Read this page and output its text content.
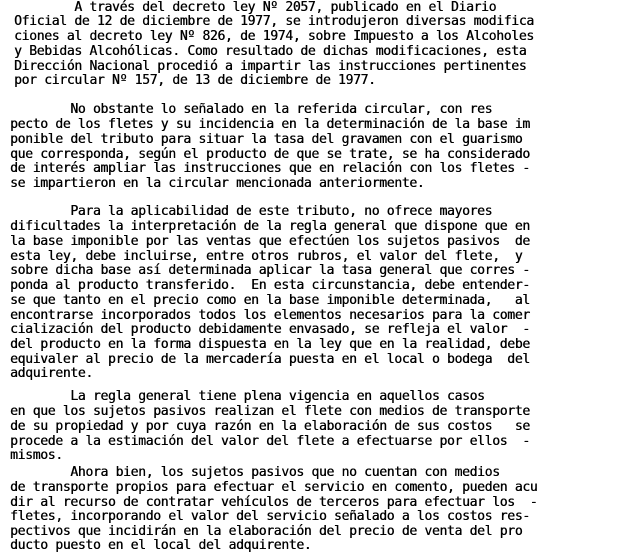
A través del decreto ley Nº 2057, publicado en el Diario
Oficial de 12 de diciembre de 1977, se introdujeron diversas modifica
ciones al decreto ley Nº 826, de 1974, sobre Impuesto a los Alcoholes
y Bebidas Alcohólicas. Como resultado de dichas modificaciones, esta
Dirección Nacional procedió a impartir las instrucciones pertinentes
por circular Nº 157, de 13 de diciembre de 1977.
No obstante lo señalado en la referida circular, con res
pecto de los fletes y su incidencia en la determinación de la base im
ponible del tributo para situar la tasa del gravamen con el guarismo
que corresponda, según el producto de que se trate, se ha considerado
de interés ampliar las instrucciones que en relación con los fletes -
se impartieron en la circular mencionada anteriormente.
Para la aplicabilidad de este tributo, no ofrece mayores
dificultades la interpretación de la regla general que dispone que en
la base imponible por las ventas que efectúen los sujetos pasivos  de
esta ley, debe incluirse, entre otros rubros, el valor del flete,  y
sobre dicha base así determinada aplicar la tasa general que corres -
ponda al producto transferido.  En esta circunstancia, debe entender-
se que tanto en el precio como en la base imponible determinada,   al
encontrarse incorporados todos los elementos necesarios para la comer
cialización del producto debidamente envasado, se refleja el valor  -
del producto en la forma dispuesta en la ley que en la realidad, debe
equivaler al precio de la mercadería puesta en el local o bodega  del
adquirente.
La regla general tiene plena vigencia en aquellos casos
en que los sujetos pasivos realizan el flete con medios de transporte
de su propiedad y por cuya razón en la elaboración de sus costos   se
procede a la estimación del valor del flete a efectuarse por ellos  -
mismos.
Ahora bien, los sujetos pasivos que no cuentan con medios
de transporte propios para efectuar el servicio en comento, pueden acu
dir al recurso de contratar vehículos de terceros para efectuar los  -
fletes, incorporando el valor del servicio señalado a los costos res-
pectivos que incidirán en la elaboración del precio de venta del pro
ducto puesto en el local del adquirente.
